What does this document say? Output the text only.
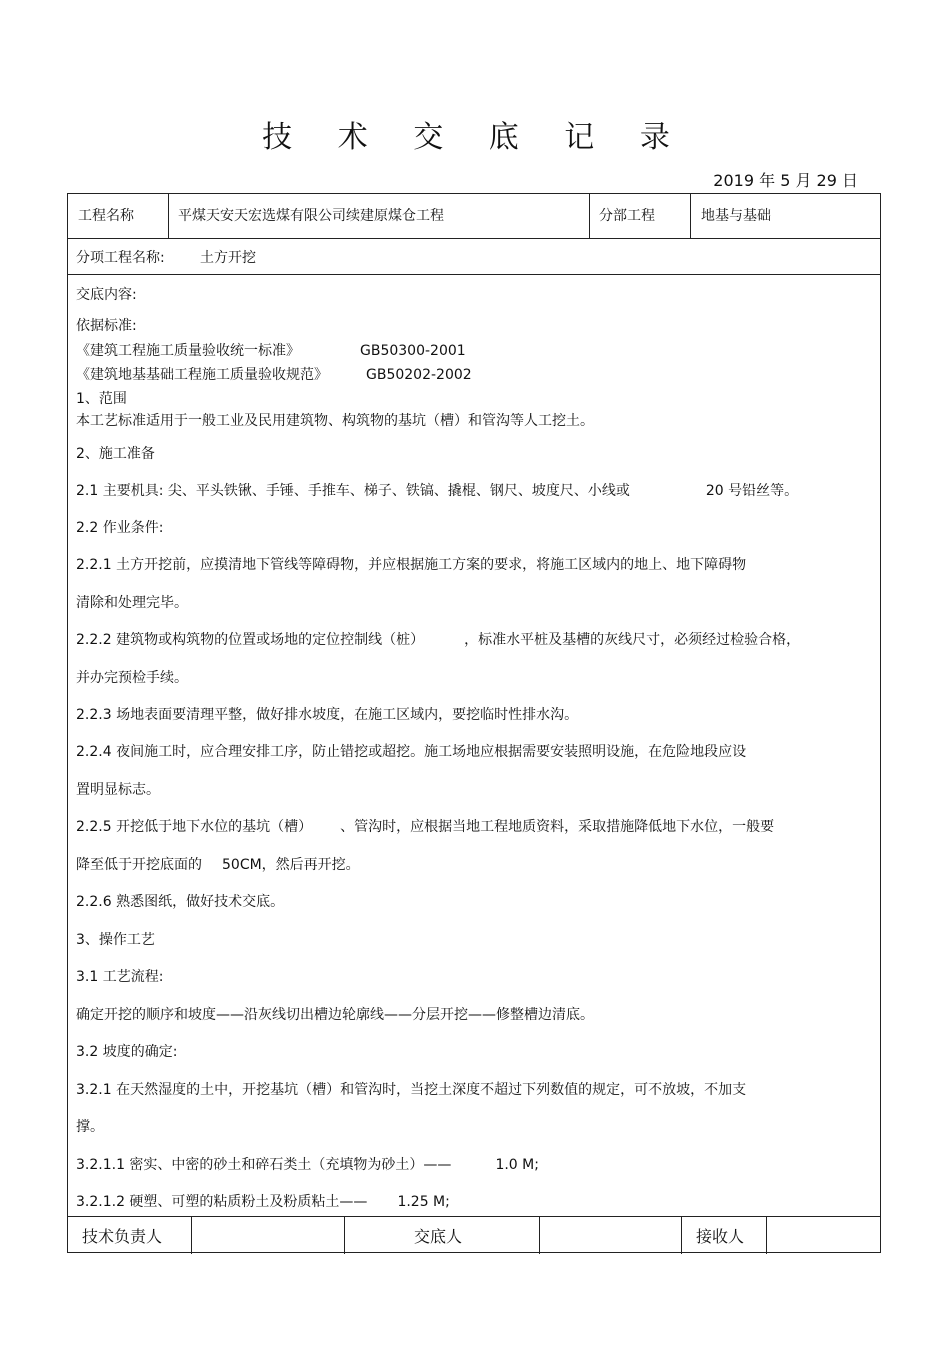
技 术 交 底 记 录
2019 年 5 月 29 日
工程名称	平煤天安天宏选煤有限公司续建原煤仓工程	分部工程	地基与基础
分项工程名称:	土方开挖
交底内容:
依据标准:
《建筑工程施工质量验收统一标准》	GB50300-2001
《建筑地基基础工程施工质量验收规范》	GB50202-2002
1、范围
本工艺标准适用于一般工业及民用建筑物、构筑物的基坑（槽）和管沟等人工挖土。
2、施工准备
2.1 主要机具: 尖、平头铁锹、手锤、手推车、梯子、铁镐、撬棍、钢尺、坡度尺、小线或	20 号铅丝等。
2.2 作业条件:
2.2.1 土方开挖前，应摸清地下管线等障碍物，并应根据施工方案的要求，将施工区域内的地上、地下障碍物
清除和处理完毕。
2.2.2 建筑物或构筑物的位置或场地的定位控制线（桩）	，标准水平桩及基槽的灰线尺寸，必须经过检验合格，
并办完预检手续。
2.2.3 场地表面要清理平整，做好排水坡度，在施工区域内，要挖临时性排水沟。
2.2.4 夜间施工时，应合理安排工序，防止错挖或超挖。施工场地应根据需要安装照明设施，在危险地段应设
置明显标志。
2.2.5 开挖低于地下水位的基坑（槽） 、管沟时，应根据当地工程地质资料，采取措施降低地下水位，一般要
降至低于开挖底面的 50CM，然后再开挖。
2.2.6 熟悉图纸，做好技术交底。
3、操作工艺
3.1 工艺流程:
确定开挖的顺序和坡度——沿灰线切出槽边轮廓线——分层开挖——修整槽边清底。
3.2 坡度的确定:
3.2.1 在天然湿度的土中，开挖基坑（槽）和管沟时，当挖土深度不超过下列数值的规定，可不放坡，不加支
撑。
3.2.1.1 密实、中密的砂土和碎石类土（充填物为砂土）——	1.0 M;
3.2.1.2 硬塑、可塑的粘质粉土及粉质粘土—— 1.25 M;
技术负责人	交底人	接收人
